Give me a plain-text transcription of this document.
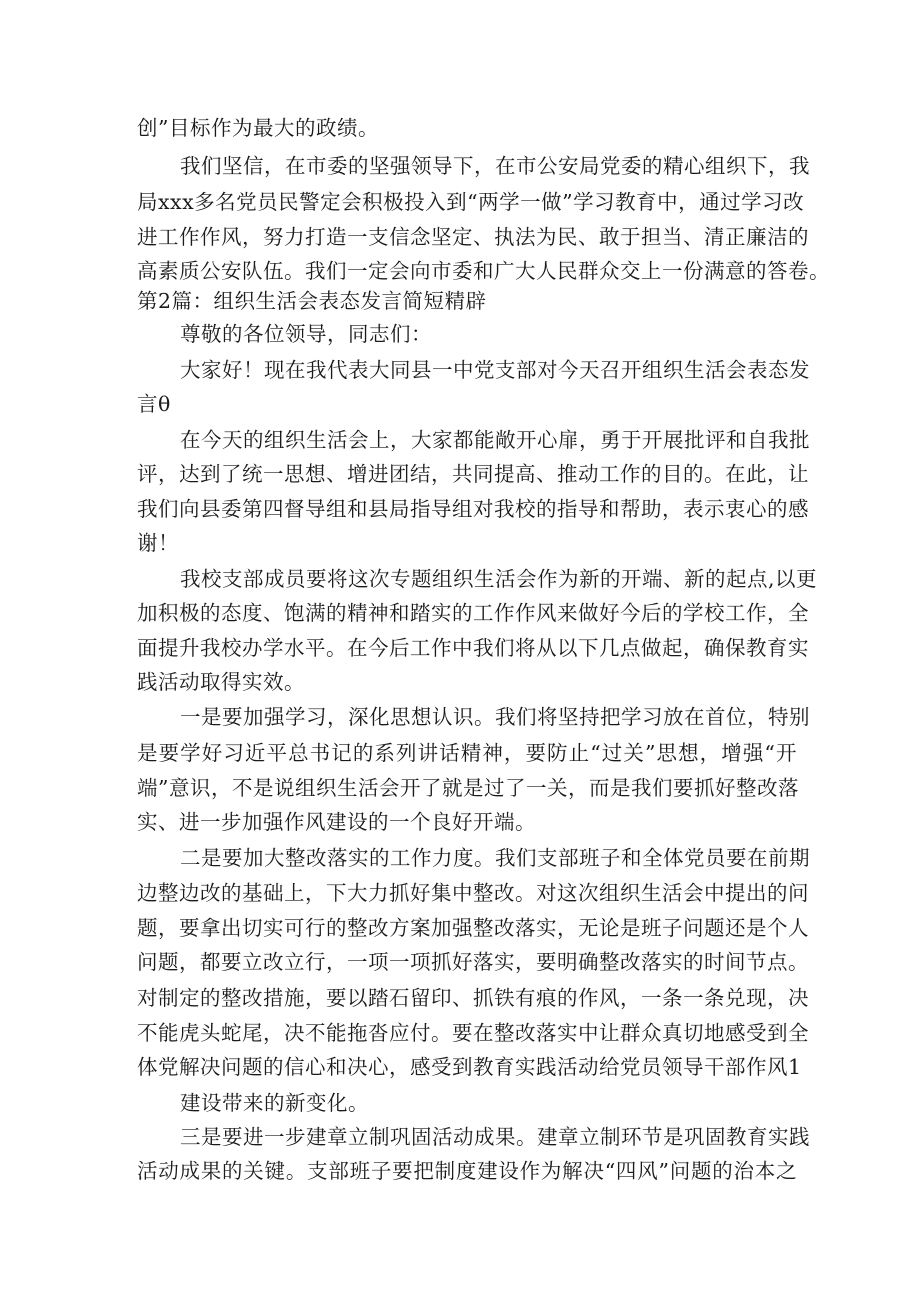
创”目标作为最大的政绩。
我们坚信，在市委的坚强领导下，在市公安局党委的精心组织下，我
局xxx多名党员民警定会积极投入到“两学一做”学习教育中，通过学习改
进工作作风，努力打造一支信念坚定、执法为民、敢于担当、清正廉洁的
高素质公安队伍。我们一定会向市委和广大人民群众交上一份满意的答卷。
第2篇：组织生活会表态发言简短精辟
尊敬的各位领导，同志们：
大家好！现在我代表大同县一中党支部对今天召开组织生活会表态发
言θ
在今天的组织生活会上，大家都能敞开心扉，勇于开展批评和自我批
评，达到了统一思想、增进团结，共同提高、推动工作的目的。在此，让
我们向县委第四督导组和县局指导组对我校的指导和帮助，表示衷心的感
谢！
我校支部成员要将这次专题组织生活会作为新的开端、新的起点,以更
加积极的态度、饱满的精神和踏实的工作作风来做好今后的学校工作，全
面提升我校办学水平。在今后工作中我们将从以下几点做起，确保教育实
践活动取得实效。
一是要加强学习，深化思想认识。我们将坚持把学习放在首位，特别
是要学好习近平总书记的系列讲话精神，要防止“过关”思想，增强“开
端”意识，不是说组织生活会开了就是过了一关，而是我们要抓好整改落
实、进一步加强作风建设的一个良好开端。
二是要加大整改落实的工作力度。我们支部班子和全体党员要在前期
边整边改的基础上，下大力抓好集中整改。对这次组织生活会中提出的问
题，要拿出切实可行的整改方案加强整改落实，无论是班子问题还是个人
问题，都要立改立行，一项一项抓好落实，要明确整改落实的时间节点。
对制定的整改措施，要以踏石留印、抓铁有痕的作风，一条一条兑现，决
不能虎头蛇尾，决不能拖沓应付。要在整改落实中让群众真切地感受到全
体党解决问题的信心和决心，感受到教育实践活动给党员领导干部作风1
建设带来的新变化。
三是要进一步建章立制巩固活动成果。建章立制环节是巩固教育实践
活动成果的关键。支部班子要把制度建设作为解决“四风”问题的治本之
